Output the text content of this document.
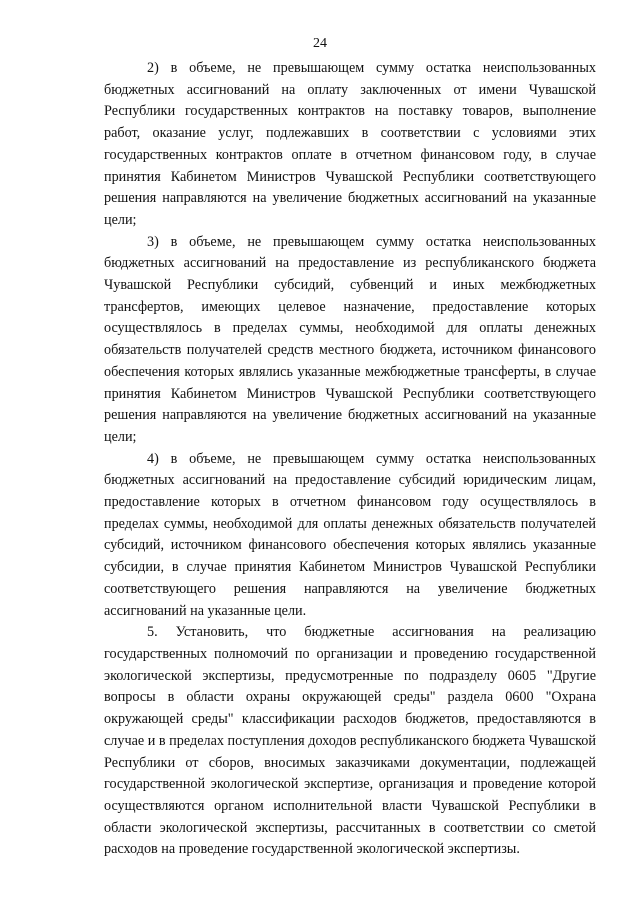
24

2) в объеме, не превышающем сумму остатка неиспользованных бюджетных ассигнований на оплату заключенных от имени Чувашской Республики государственных контрактов на поставку товаров, выполнение работ, оказание услуг, подлежавших в соответствии с условиями этих государственных контрактов оплате в отчетном финансовом году, в случае принятия Кабинетом Министров Чувашской Республики соответствующего решения направляются на увеличение бюджетных ассигнований на указанные цели;

3) в объеме, не превышающем сумму остатка неиспользованных бюджетных ассигнований на предоставление из республиканского бюджета Чувашской Республики субсидий, субвенций и иных межбюджетных трансфертов, имеющих целевое назначение, предоставление которых осуществлялось в пределах суммы, необходимой для оплаты денежных обязательств получателей средств местного бюджета, источником финансового обеспечения которых являлись указанные межбюджетные трансферты, в случае принятия Кабинетом Министров Чувашской Республики соответствующего решения направляются на увеличение бюджетных ассигнований на указанные цели;

4) в объеме, не превышающем сумму остатка неиспользованных бюджетных ассигнований на предоставление субсидий юридическим лицам, предоставление которых в отчетном финансовом году осуществлялось в пределах суммы, необходимой для оплаты денежных обязательств получателей субсидий, источником финансового обеспечения которых являлись указанные субсидии, в случае принятия Кабинетом Министров Чувашской Республики соответствующего решения направляются на увеличение бюджетных ассигнований на указанные цели.

5. Установить, что бюджетные ассигнования на реализацию государственных полномочий по организации и проведению государственной экологической экспертизы, предусмотренные по подразделу 0605 "Другие вопросы в области охраны окружающей среды" раздела 0600 "Охрана окружающей среды" классификации расходов бюджетов, предоставляются в случае и в пределах поступления доходов республиканского бюджета Чувашской Республики от сборов, вносимых заказчиками документации, подлежащей государственной экологической экспертизе, организация и проведение которой осуществляются органом исполнительной власти Чувашской Республики в области экологической экспертизы, рассчитанных в соответствии со сметой расходов на проведение государственной экологической экспертизы.
